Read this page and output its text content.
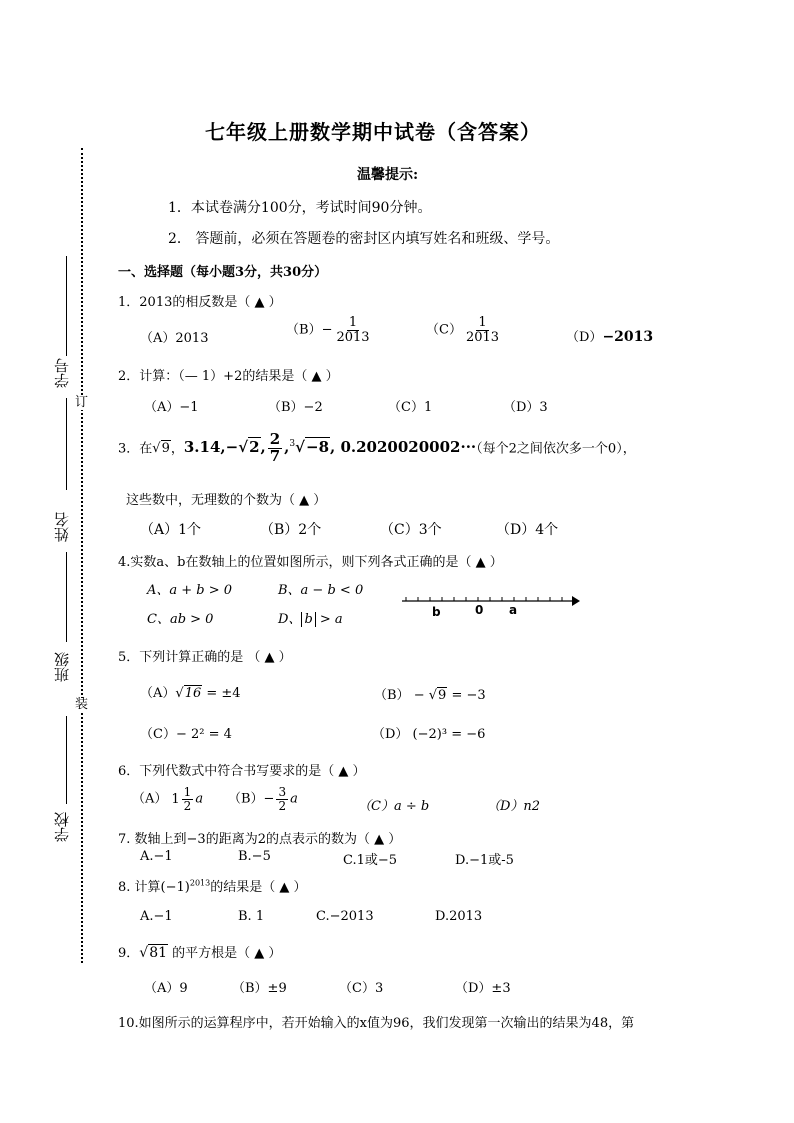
七年级上册数学期中试卷（含答案）
温馨提示:
1．本试卷满分100分，考试时间90分钟。
2． 答题前，必须在答题卷的密封区内填写姓名和班级、学号。
订
装
学号
姓名
班级
学校
一、选择题（每小题3分，共30分）
1．2013的相反数是（ ▲ ）
（A）2013
$(B)- \frac{1}{2013}$	$(C) \frac{1}{2013}$	（D）−2013
2．计算：（— 1）+2的结果是（ ▲ ）
（A）−1	（B）−2	（C）1	（D）3
3．在√9，3.14,−√2, $\frac{2}{7} ,^3√-8$, 0.2020020002···（每个2之间依次多一个0），
这些数中，无理数的个数为（ ▲ ）
（A）1个	（B）2个	（C）3个	（D）4个
4.实数a、b在数轴上的位置如图所示，则下列各式正确的是（ ▲ ）
A、a + b > 0	B、a − b < 0
C、ab > 0	D、 b > a	b	0 a
5．下列计算正确的是 （ ▲ ）
（A）√16 = ±4	（B） − √9 = −3
（C）− 2² = 4	（D） (−2)³ = −6
6．下列代数式中符合书写要求的是（ ▲ ）
（A） $1 \frac{1}{2}$ a $(B)- \frac{3}{2}$ a	（C）a ÷ b	（D）n2
7. 数轴上到−3的距离为2的点表示的数为（ ▲ ）
A.−1	B.−5	C.1或−5	D.−1或-5
8. 计算$(-1)^{2013}$的结果是（ ▲ ）
A.−1	B. 1	C.−2013	D.2013
9．√81 的平方根是（ ▲ ）
（A）9	（B）±9	（C）3	（D）±3
10.如图所示的运算程序中，若开始输入的x值为96，我们发现第一次输出的结果为48，第
